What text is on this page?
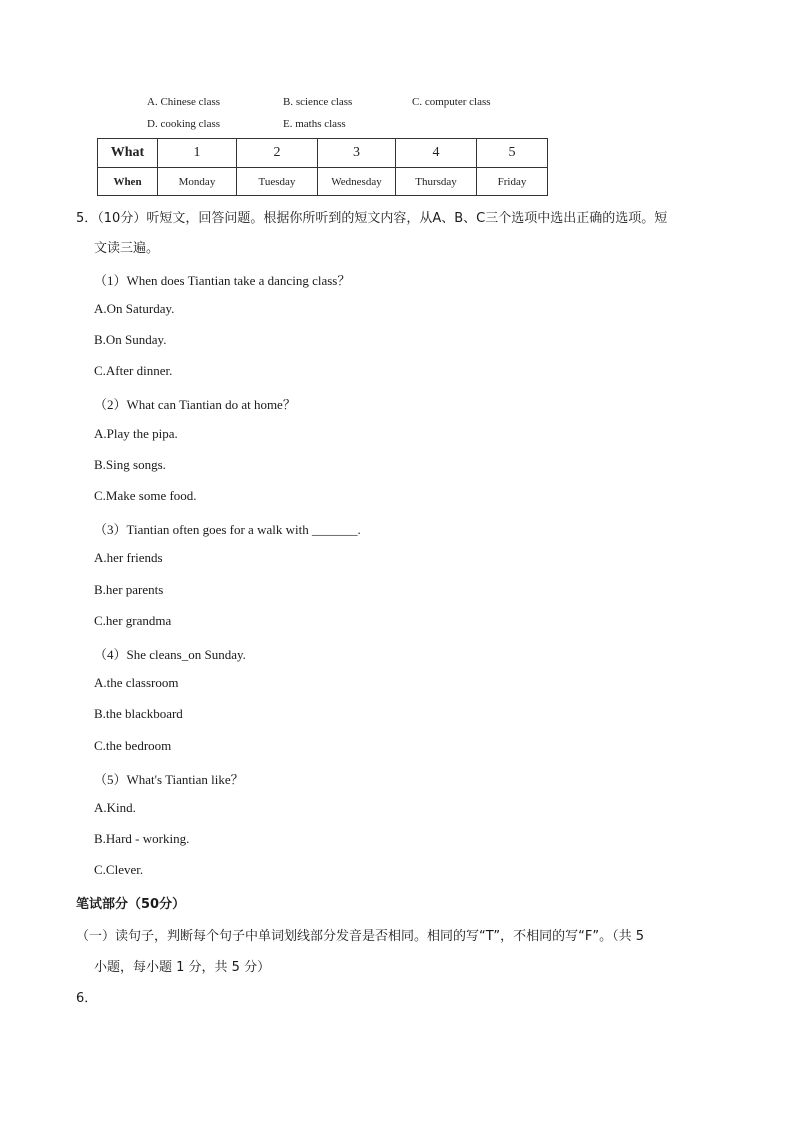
A. Chinese class	B. science class	C. computer class
D. cooking class	E. maths class
What	1	2	3	4	5
When	Monday	Tuesday	Wednesday	Thursday	Friday
5．（10分）听短文，回答问题。根据你所听到的短文内容，从A、B、C三个选项中选出正确的选项。短
文读三遍。
（1）When does Tiantian take a dancing class？
A.On Saturday.
B.On Sunday.
C.After dinner.
（2）What can Tiantian do at home？
A.Play the pipa.
B.Sing songs.
C.Make some food.
（3）Tiantian often goes for a walk with _______.
A.her friends
B.her parents
C.her grandma
（4）She cleans_on Sunday.
A.the classroom
B.the blackboard
C.the bedroom
（5）What's Tiantian like？
A.Kind.
B.Hard - working.
C.Clever.
笔试部分（50分）
（一）读句子，判断每个句子中单词划线部分发音是否相同。相同的写“T”，不相同的写“F”。（共 5
小题，每小题 1 分，共 5 分）
6．
